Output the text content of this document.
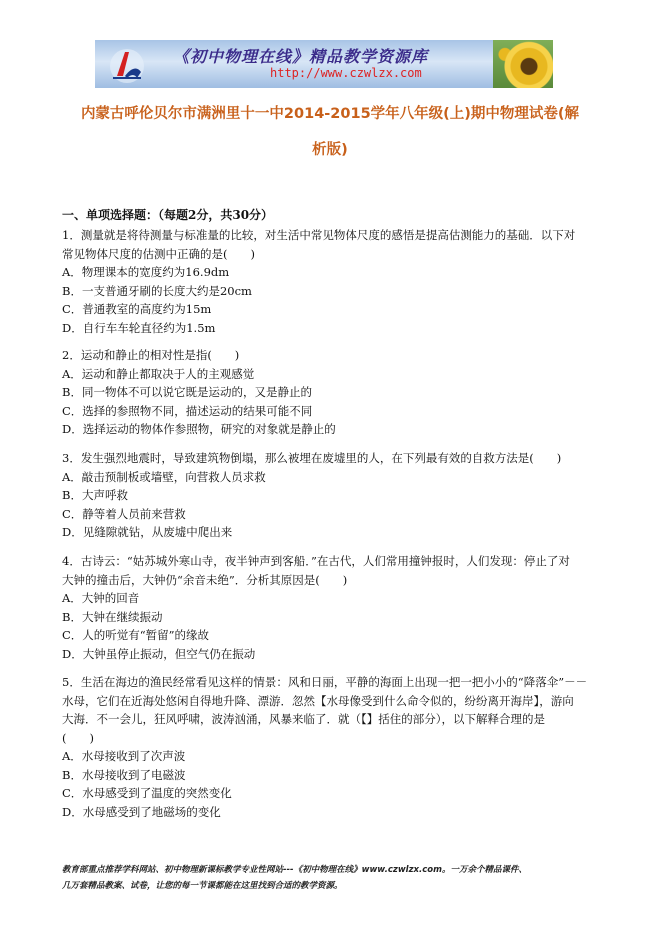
《初中物理在线》精品教学资源库
http://www.czwlzx.com
内蒙古呼伦贝尔市满洲里十一中2014-2015学年八年级(上)期中物理试卷(解
析版)
一、单项选择题：（每题2分，共30分）
1．测量就是将待测量与标准量的比较，对生活中常见物体尺度的感悟是提高估测能力的基础．以下对
常见物体尺度的估测中正确的是(　　)
A．物理课本的宽度约为16.9dm
B．一支普通牙刷的长度大约是20cm
C．普通教室的高度约为15m
D．自行车车轮直径约为1.5m
2．运动和静止的相对性是指(　　)
A．运动和静止都取决于人的主观感觉
B．同一物体不可以说它既是运动的，又是静止的
C．选择的参照物不同，描述运动的结果可能不同
D．选择运动的物体作参照物，研究的对象就是静止的
3．发生强烈地震时，导致建筑物倒塌，那么被埋在废墟里的人，在下列最有效的自救方法是(　　)
A．敲击预制板或墙壁，向营救人员求救
B．大声呼救
C．静等着人员前来营救
D．见缝隙就钻，从废墟中爬出来
4．古诗云：“姑苏城外寒山寺，夜半钟声到客船．”在古代，人们常用撞钟报时，人们发现：停止了对
大钟的撞击后，大钟仍“余音未绝”．分析其原因是(　　)
A．大钟的回音
B．大钟在继续振动
C．人的听觉有“暂留”的缘故
D．大钟虽停止振动，但空气仍在振动
5．生活在海边的渔民经常看见这样的情景：风和日丽，平静的海面上出现一把一把小小的“降落伞”－－
水母，它们在近海处悠闲自得地升降、漂游．忽然【水母像受到什么命令似的，纷纷离开海岸】，游向
大海．不一会儿，狂风呼啸，波涛汹涌，风暴来临了．就（【】括住的部分），以下解释合理的是
(　　)
A．水母接收到了次声波
B．水母接收到了电磁波
C．水母感受到了温度的突然变化
D．水母感受到了地磁场的变化
教育部重点推荐学科网站、初中物理新课标教学专业性网站---《初中物理在线》www.czwlzx.com。一万余个精品课件、
几万套精品教案、试卷，让您的每一节课都能在这里找到合适的教学资源。
